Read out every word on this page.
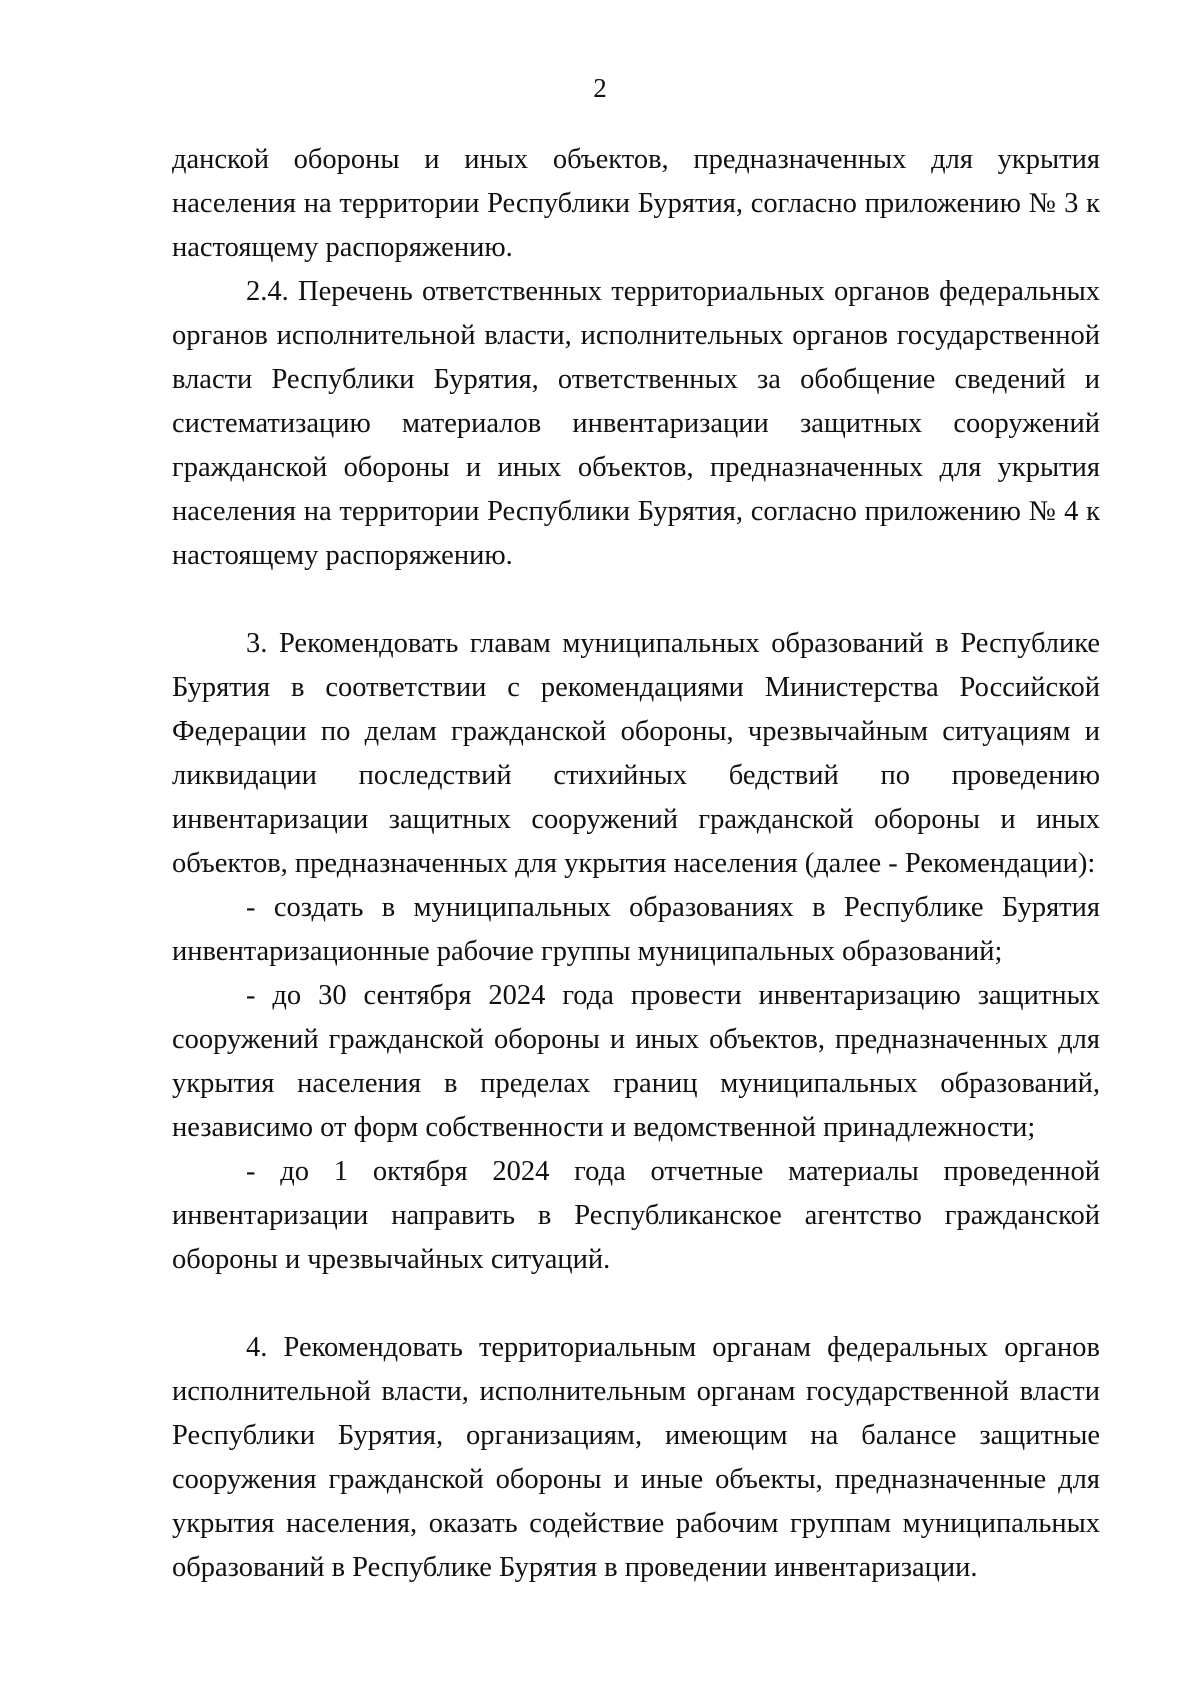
2

данской обороны и иных объектов, предназначенных для укрытия населения на территории Республики Бурятия, согласно приложению № 3 к настоящему распоряжению.

2.4. Перечень ответственных территориальных органов федеральных органов исполнительной власти, исполнительных органов государственной власти Республики Бурятия, ответственных за обобщение сведений и систематизацию материалов инвентаризации защитных сооружений гражданской обороны и иных объектов, предназначенных для укрытия населения на территории Республики Бурятия, согласно приложению № 4 к настоящему распоряжению.

3. Рекомендовать главам муниципальных образований в Республике Бурятия в соответствии с рекомендациями Министерства Российской Федерации по делам гражданской обороны, чрезвычайным ситуациям и ликвидации последствий стихийных бедствий по проведению инвентаризации защитных сооружений гражданской обороны и иных объектов, предназначенных для укрытия населения (далее - Рекомендации):

- создать в муниципальных образованиях в Республике Бурятия инвентаризационные рабочие группы муниципальных образований;

- до 30 сентября 2024 года провести инвентаризацию защитных сооружений гражданской обороны и иных объектов, предназначенных для укрытия населения в пределах границ муниципальных образований, независимо от форм собственности и ведомственной принадлежности;

- до 1 октября 2024 года отчетные материалы проведенной инвентаризации направить в Республиканское агентство гражданской обороны и чрезвычайных ситуаций.

4. Рекомендовать территориальным органам федеральных органов исполнительной власти, исполнительным органам государственной власти Республики Бурятия, организациям, имеющим на балансе защитные сооружения гражданской обороны и иные объекты, предназначенные для укрытия населения, оказать содействие рабочим группам муниципальных образований в Республике Бурятия в проведении инвентаризации.
